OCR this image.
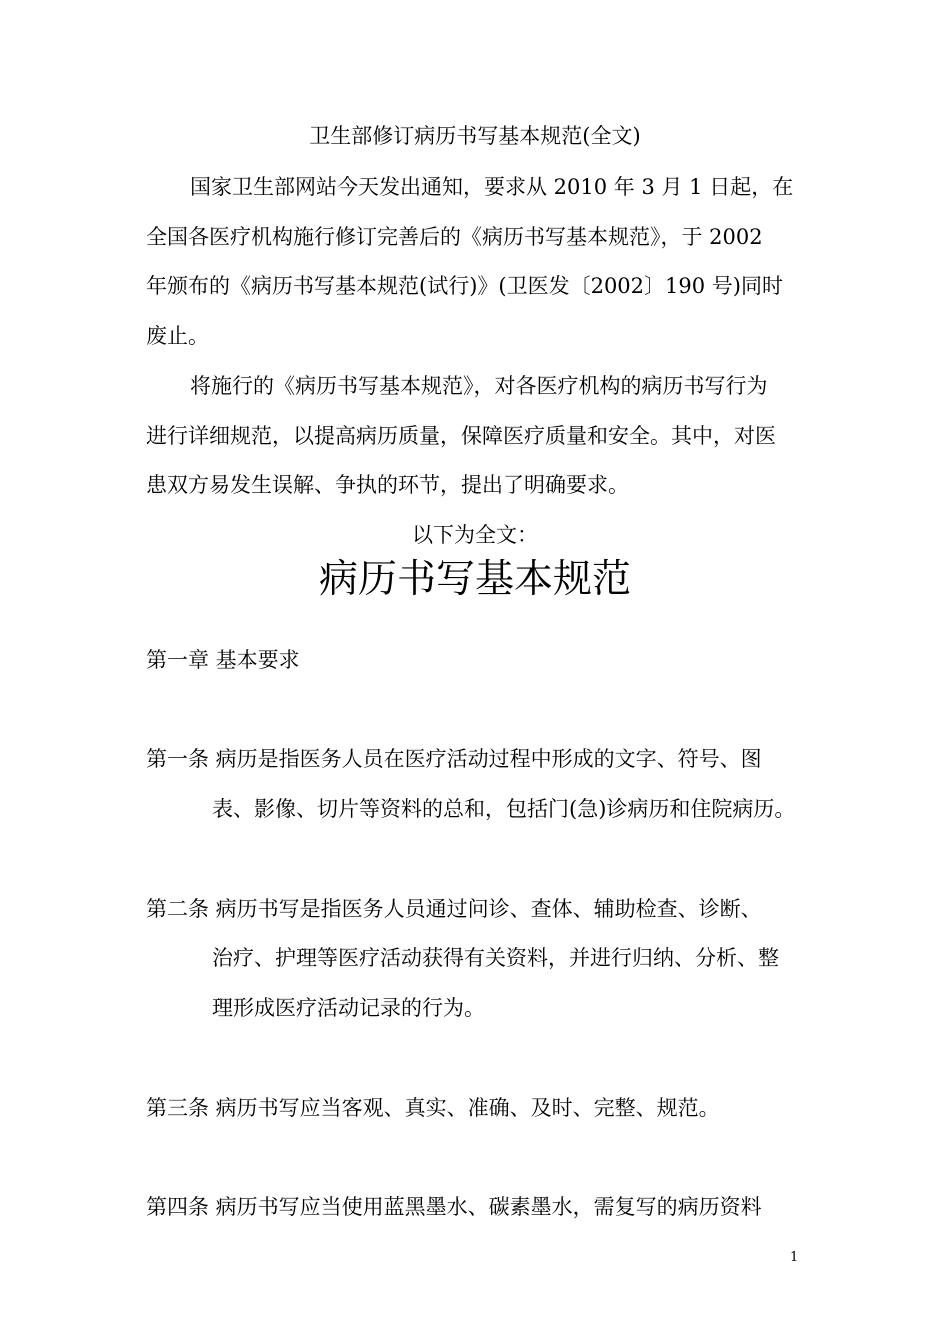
卫生部修订病历书写基本规范(全文)
国家卫生部网站今天发出通知，要求从 2010 年 3 月 1 日起，在
全国各医疗机构施行修订完善后的《病历书写基本规范》，于 2002
年颁布的《病历书写基本规范(试行)》(卫医发〔2002〕190 号)同时
废止。
将施行的《病历书写基本规范》，对各医疗机构的病历书写行为
进行详细规范，以提高病历质量，保障医疗质量和安全。其中，对医
患双方易发生误解、争执的环节，提出了明确要求。
以下为全文：
病历书写基本规范
第一章 基本要求
第一条 病历是指医务人员在医疗活动过程中形成的文字、符号、图
表、影像、切片等资料的总和，包括门(急)诊病历和住院病历。
第二条 病历书写是指医务人员通过问诊、查体、辅助检查、诊断、
治疗、护理等医疗活动获得有关资料，并进行归纳、分析、整
理形成医疗活动记录的行为。
第三条 病历书写应当客观、真实、准确、及时、完整、规范。
第四条 病历书写应当使用蓝黑墨水、碳素墨水，需复写的病历资料
1
